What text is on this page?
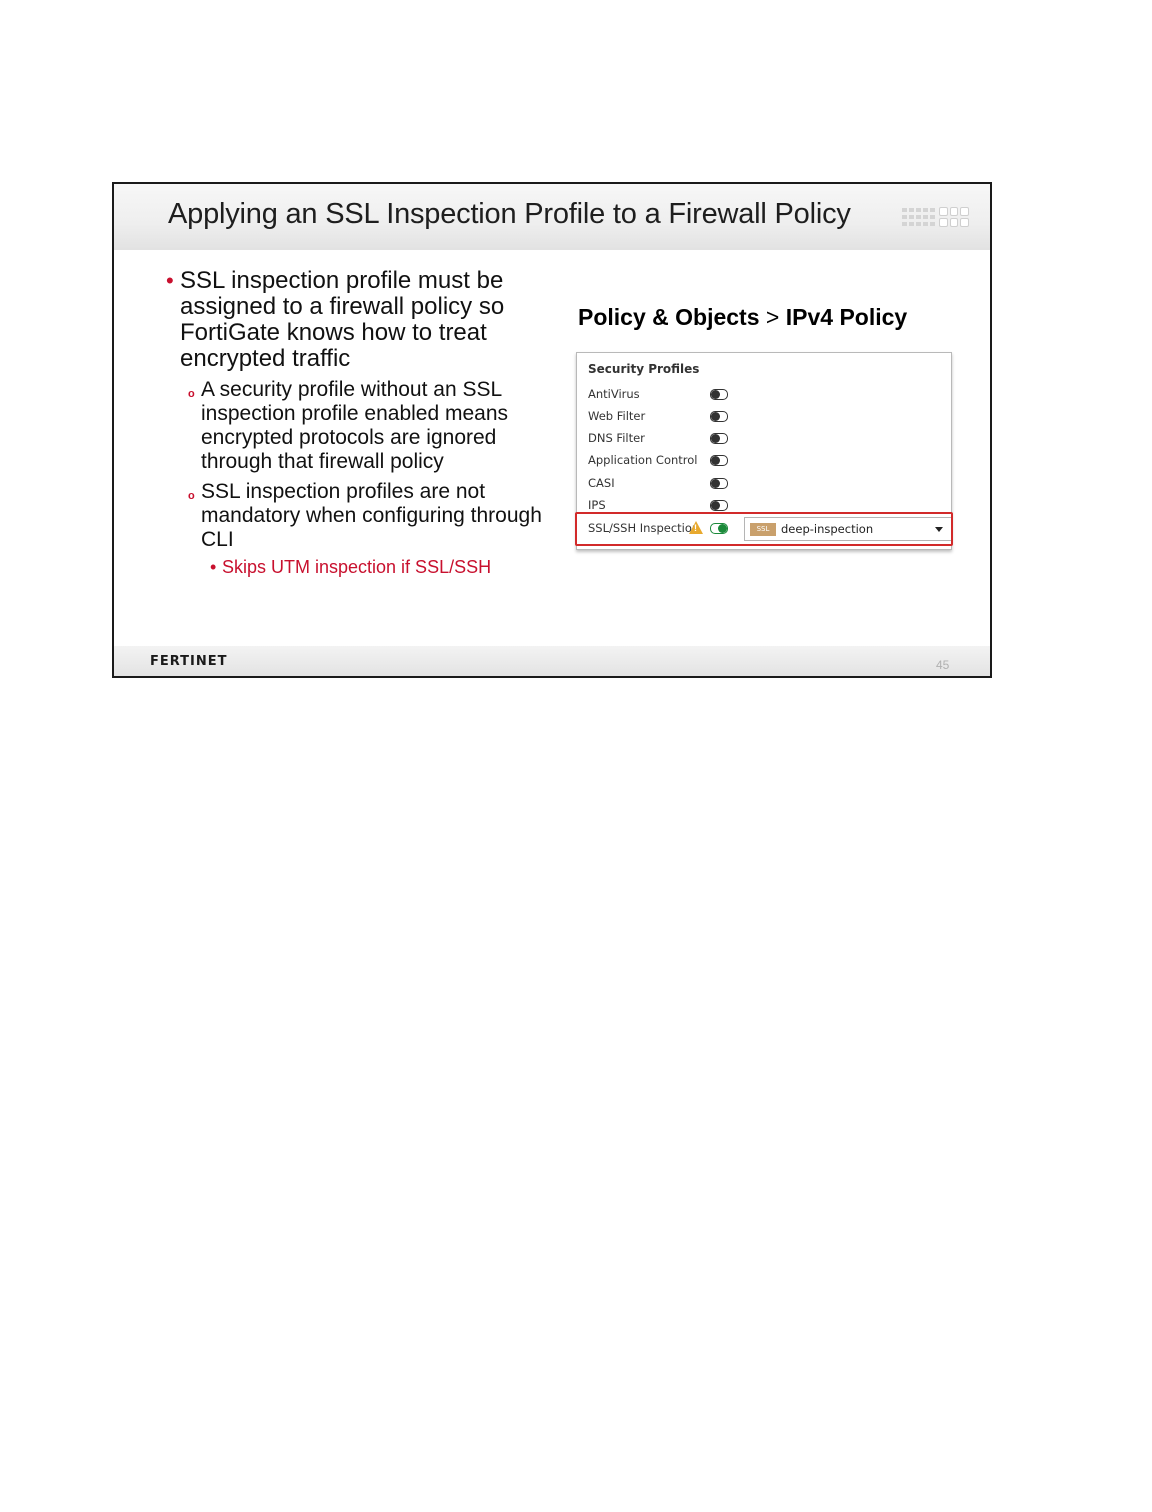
Applying an SSL Inspection Profile to a Firewall Policy
• SSL inspection profile must be assigned to a firewall policy so FortiGate knows how to treat encrypted traffic
o A security profile without an SSL inspection profile enabled means encrypted protocols are ignored through that firewall policy
o SSL inspection profiles are not mandatory when configuring through CLI
• Skips UTM inspection if SSL/SSH
Policy & Objects > IPv4 Policy
Security Profiles
AntiVirus
Web Filter
DNS Filter
Application Control
CASI
IPS
SSL/SSH Inspection
!	SSL	deep-inspection
FERTINET	45
